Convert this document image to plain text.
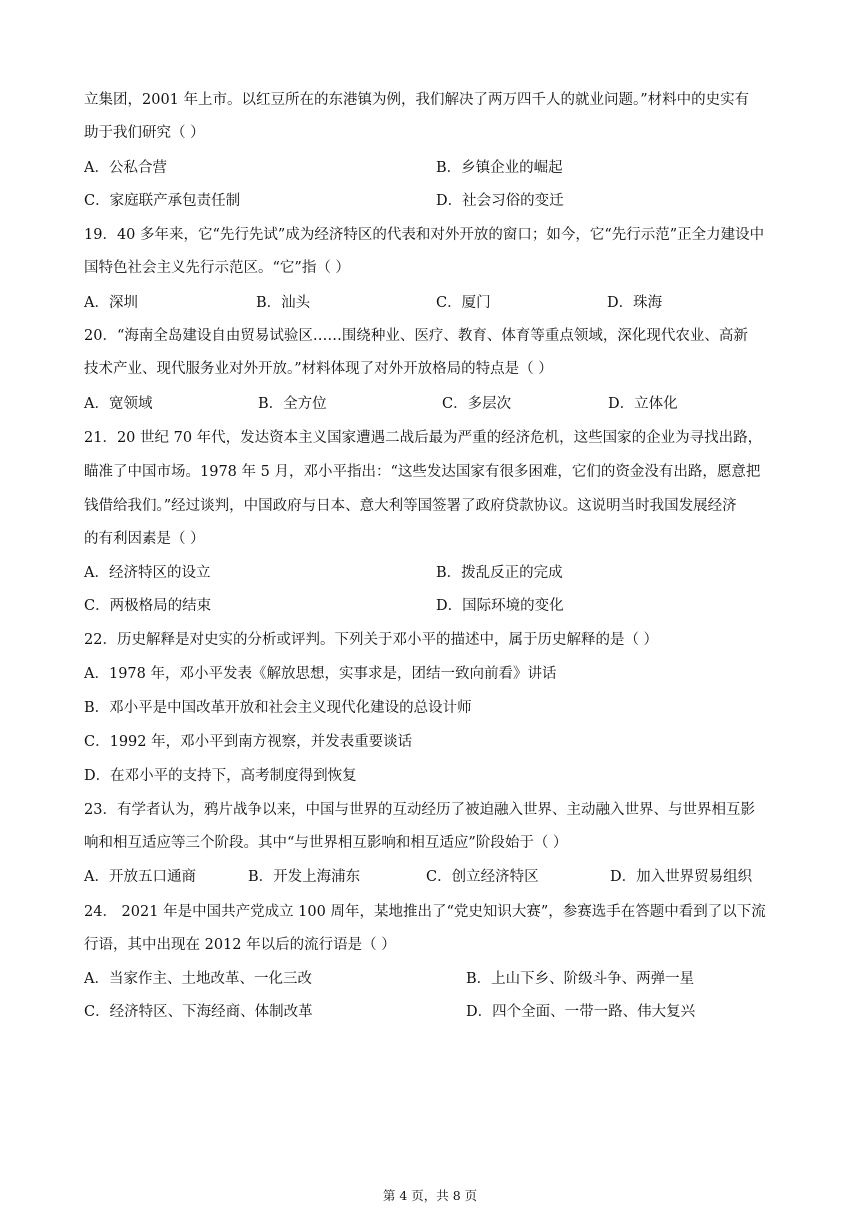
立集团，2001 年上市。以红豆所在的东港镇为例，我们解决了两万四千人的就业问题。”材料中的史实有
助于我们研究（ ）
A．公私合营	B．乡镇企业的崛起
C．家庭联产承包责任制	D．社会习俗的变迁
19．40 多年来，它“先行先试”成为经济特区的代表和对外开放的窗口；如今，它“先行示范”正全力建设中
国特色社会主义先行示范区。“它”指（ ）
A．深圳	B．汕头	C．厦门	D．珠海
20．“海南全岛建设自由贸易试验区……围绕种业、医疗、教育、体育等重点领域，深化现代农业、高新
技术产业、现代服务业对外开放。”材料体现了对外开放格局的特点是（ ）
A．宽领域	B．全方位	C．多层次	D．立体化
21．20 世纪 70 年代，发达资本主义国家遭遇二战后最为严重的经济危机，这些国家的企业为寻找出路，
瞄准了中国市场。1978 年 5 月，邓小平指出：“这些发达国家有很多困难，它们的资金没有出路，愿意把
钱借给我们。”经过谈判，中国政府与日本、意大利等国签署了政府贷款协议。这说明当时我国发展经济
的有利因素是（ ）
A．经济特区的设立	B．拨乱反正的完成
C．两极格局的结束	D．国际环境的变化
22．历史解释是对史实的分析或评判。下列关于邓小平的描述中，属于历史解释的是（ ）
A．1978 年，邓小平发表《解放思想，实事求是，团结一致向前看》讲话
B．邓小平是中国改革开放和社会主义现代化建设的总设计师
C．1992 年，邓小平到南方视察，并发表重要谈话
D．在邓小平的支持下，高考制度得到恢复
23．有学者认为，鸦片战争以来，中国与世界的互动经历了被迫融入世界、主动融入世界、与世界相互影
响和相互适应等三个阶段。其中“与世界相互影响和相互适应”阶段始于（ ）
A．开放五口通商	B．开发上海浦东	C．创立经济特区	D．加入世界贸易组织
24． 2021 年是中国共产党成立 100 周年，某地推出了“党史知识大赛”，参赛选手在答题中看到了以下流
行语，其中出现在 2012 年以后的流行语是（ ）
A．当家作主、土地改革、一化三改	B．上山下乡、阶级斗争、两弹一星
C．经济特区、下海经商、体制改革	D．四个全面、一带一路、伟大复兴
第 4 页，共 8 页
